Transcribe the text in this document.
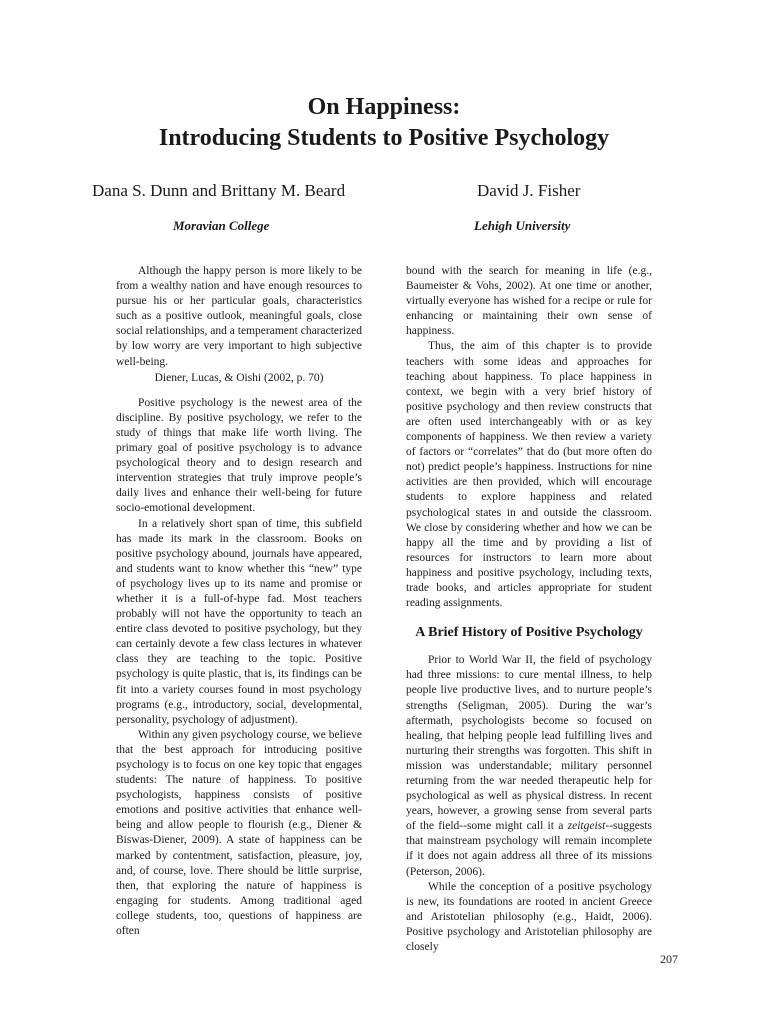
On Happiness:
Introducing Students to Positive Psychology
Dana S. Dunn and Brittany M. Beard	David J. Fisher
Moravian College	Lehigh University

Although the happy person is more likely to be from a wealthy nation and have enough resources to pursue his or her particular goals, characteristics such as a positive outlook, meaningful goals, close social relationships, and a temperament characterized by low worry are very important to high subjective well-being.

Diener, Lucas, & Oishi (2002, p. 70)

Positive psychology is the newest area of the discipline. By positive psychology, we refer to the study of things that make life worth living. The primary goal of positive psychology is to advance psychological theory and to design research and intervention strategies that truly improve people’s daily lives and enhance their well-being for future socio-emotional development.

In a relatively short span of time, this subfield has made its mark in the classroom. Books on positive psychology abound, journals have appeared, and students want to know whether this “new” type of psychology lives up to its name and promise or whether it is a full-of-hype fad. Most teachers probably will not have the opportunity to teach an entire class devoted to positive psychology, but they can certainly devote a few class lectures in whatever class they are teaching to the topic. Positive psychology is quite plastic, that is, its findings can be fit into a variety courses found in most psychology programs (e.g., introductory, social, developmental, personality, psychology of adjustment).

Within any given psychology course, we believe that the best approach for introducing positive psychology is to focus on one key topic that engages students: The nature of happiness. To positive psychologists, happiness consists of positive emotions and positive activities that enhance well-being and allow people to flourish (e.g., Diener & Biswas-Diener, 2009). A state of happiness can be marked by contentment, satisfaction, pleasure, joy, and, of course, love. There should be little surprise, then, that exploring the nature of happiness is engaging for students. Among traditional aged college students, too, questions of happiness are often

bound with the search for meaning in life (e.g., Baumeister & Vohs, 2002). At one time or another, virtually everyone has wished for a recipe or rule for enhancing or maintaining their own sense of happiness.

Thus, the aim of this chapter is to provide teachers with some ideas and approaches for teaching about happiness. To place happiness in context, we begin with a very brief history of positive psychology and then review constructs that are often used interchangeably with or as key components of happiness. We then review a variety of factors or “correlates” that do (but more often do not) predict people’s happiness. Instructions for nine activities are then provided, which will encourage students to explore happiness and related psychological states in and outside the classroom. We close by considering whether and how we can be happy all the time and by providing a list of resources for instructors to learn more about happiness and positive psychology, including texts, trade books, and articles appropriate for student reading assignments.

A Brief History of Positive Psychology

Prior to World War II, the field of psychology had three missions: to cure mental illness, to help people live productive lives, and to nurture people’s strengths (Seligman, 2005). During the war’s aftermath, psychologists become so focused on healing, that helping people lead fulfilling lives and nurturing their strengths was forgotten. This shift in mission was understandable; military personnel returning from the war needed therapeutic help for psychological as well as physical distress. In recent years, however, a growing sense from several parts of the field--some might call it a zeitgeist--suggests that mainstream psychology will remain incomplete if it does not again address all three of its missions (Peterson, 2006).

While the conception of a positive psychology is new, its foundations are rooted in ancient Greece and Aristotelian philosophy (e.g., Haidt, 2006). Positive psychology and Aristotelian philosophy are closely

207
